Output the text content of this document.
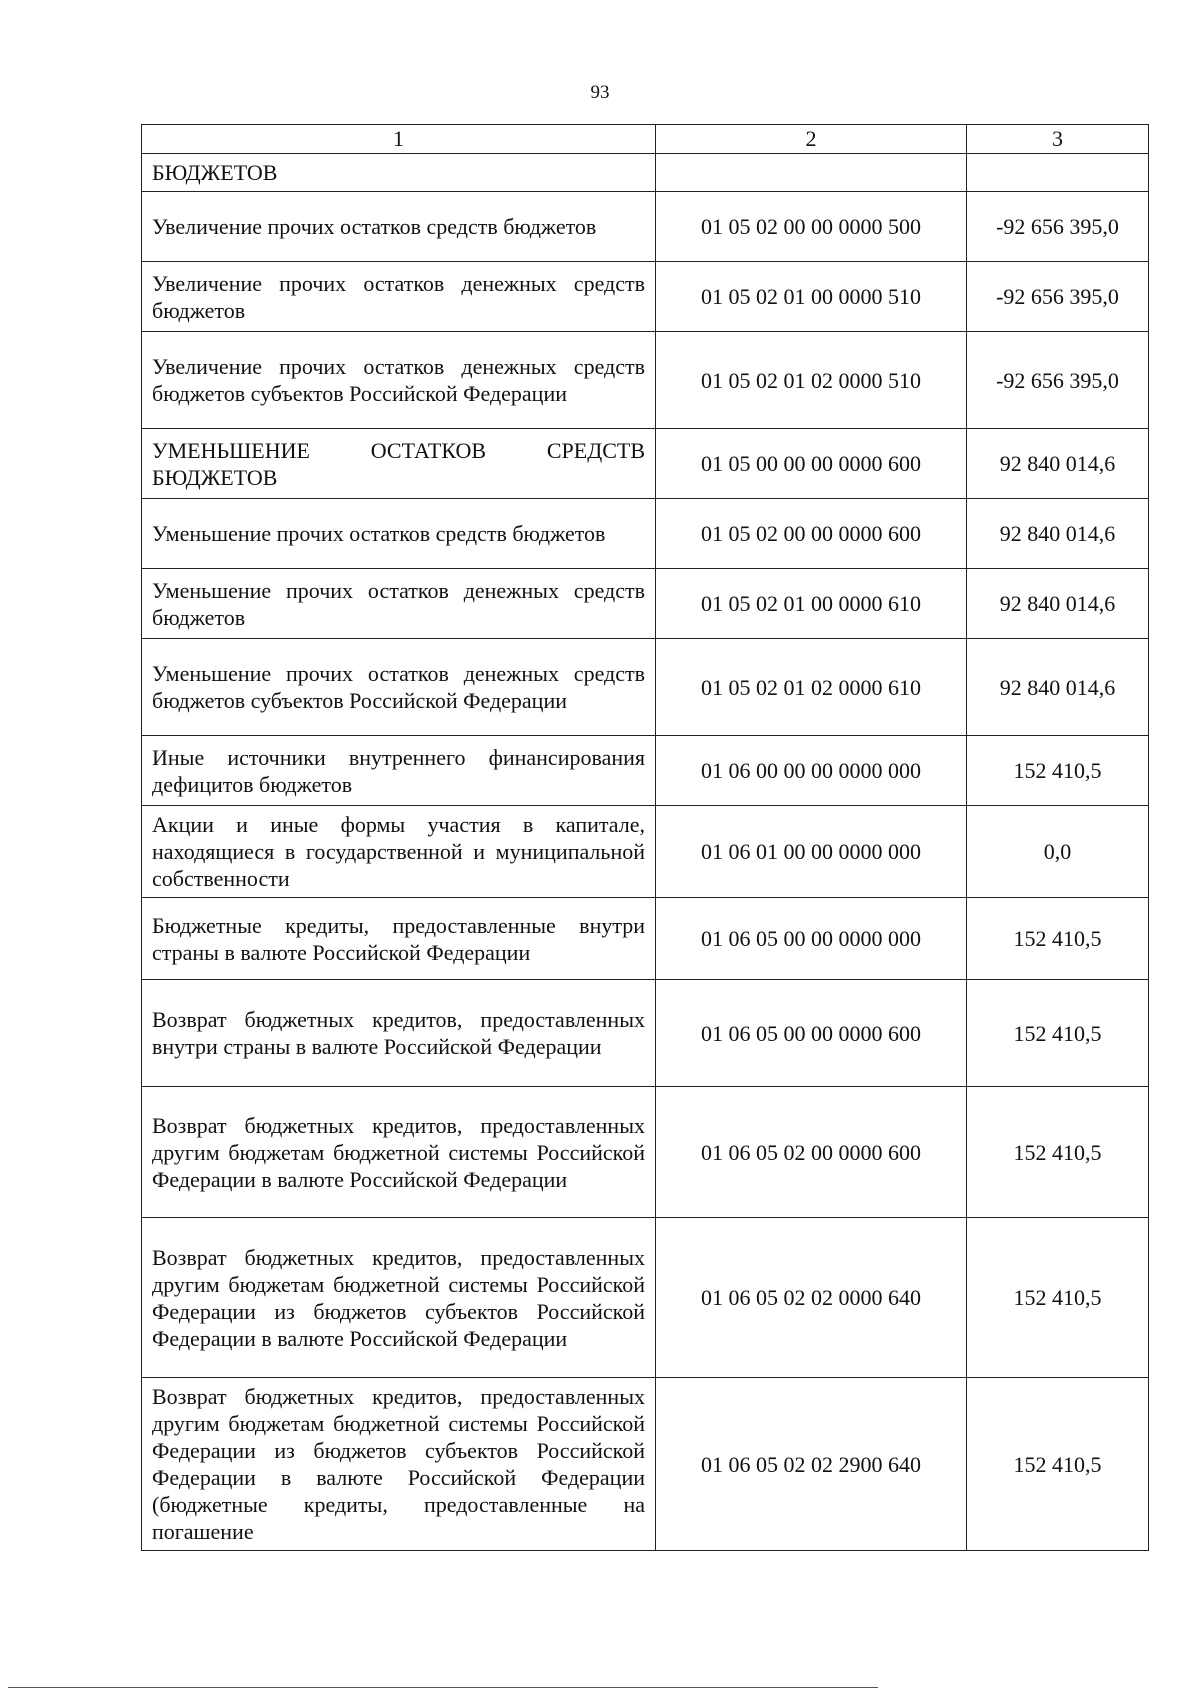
93
1	2	3
БЮДЖЕТОВ		
Увеличение прочих остатков средств бюджетов	01 05 02 00 00 0000 500	-92 656 395,0
Увеличение прочих остатков денежных средств бюджетов	01 05 02 01 00 0000 510	-92 656 395,0
Увеличение прочих остатков денежных средств бюджетов субъектов Российской Федерации	01 05 02 01 02 0000 510	-92 656 395,0
УМЕНЬШЕНИЕ ОСТАТКОВ СРЕДСТВ БЮДЖЕТОВ	01 05 00 00 00 0000 600	92 840 014,6
Уменьшение прочих остатков средств бюджетов	01 05 02 00 00 0000 600	92 840 014,6
Уменьшение прочих остатков денежных средств бюджетов	01 05 02 01 00 0000 610	92 840 014,6
Уменьшение прочих остатков денежных средств бюджетов субъектов Российской Федерации	01 05 02 01 02 0000 610	92 840 014,6
Иные источники внутреннего финансирования дефицитов бюджетов	01 06 00 00 00 0000 000	152 410,5
Акции и иные формы участия в капитале, находящиеся в государственной и муниципальной собственности	01 06 01 00 00 0000 000	0,0
Бюджетные кредиты, предоставленные внутри страны в валюте Российской Федерации	01 06 05 00 00 0000 000	152 410,5
Возврат бюджетных кредитов, предоставленных внутри страны в валюте Российской Федерации	01 06 05 00 00 0000 600	152 410,5
Возврат бюджетных кредитов, предоставленных другим бюджетам бюджетной системы Российской Федерации в валюте Российской Федерации	01 06 05 02 00 0000 600	152 410,5
Возврат бюджетных кредитов, предоставленных другим бюджетам бюджетной системы Российской Федерации из бюджетов субъектов Российской Федерации в валюте Российской Федерации	01 06 05 02 02 0000 640	152 410,5
Возврат бюджетных кредитов, предоставленных другим бюджетам бюджетной системы Российской Федерации из бюджетов субъектов Российской Федерации в валюте Российской Федерации (бюджетные кредиты, предоставленные на погашение	01 06 05 02 02 2900 640	152 410,5
